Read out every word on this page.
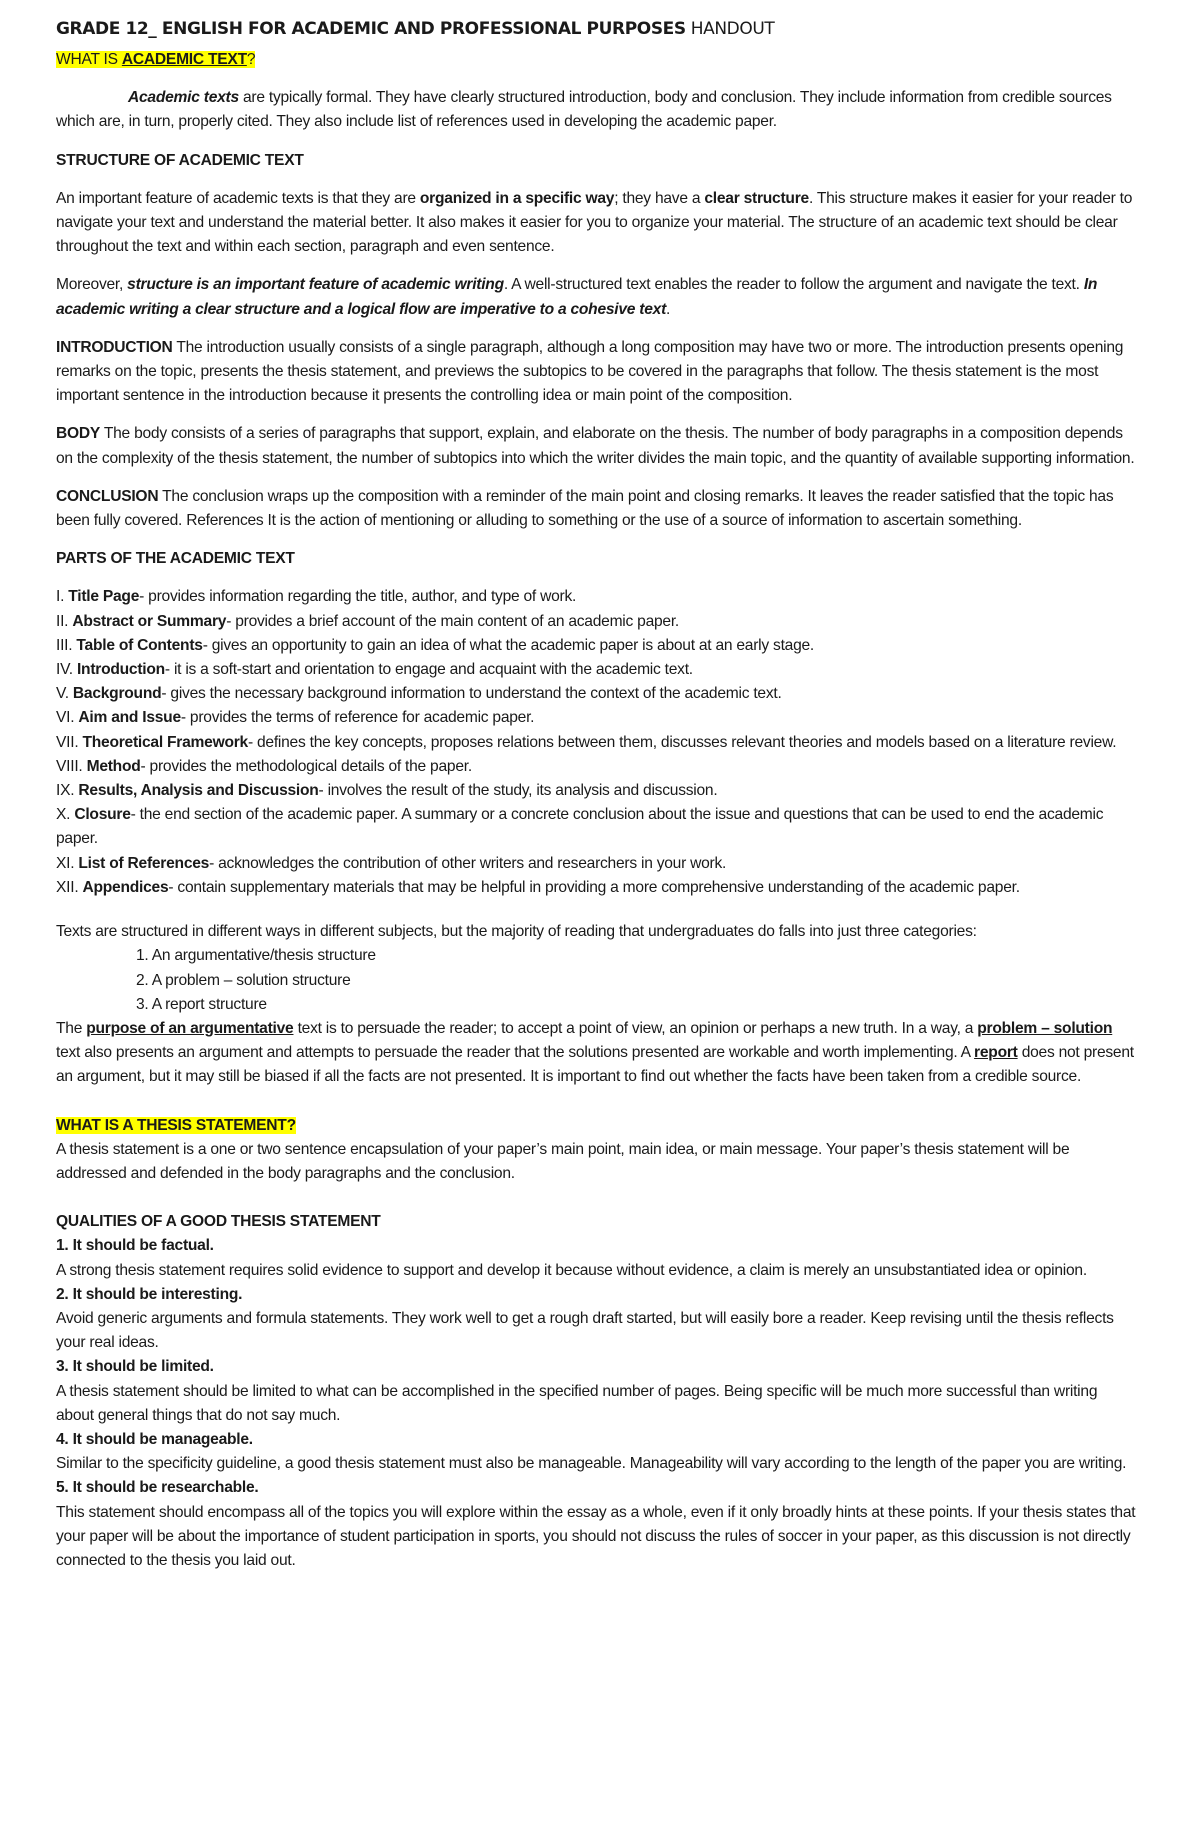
GRADE 12_ ENGLISH FOR ACADEMIC AND PROFESSIONAL PURPOSES HANDOUT
WHAT IS ACADEMIC TEXT?
Academic texts are typically formal. They have clearly structured introduction, body and conclusion. They include information from credible sources which are, in turn, properly cited. They also include list of references used in developing the academic paper.
STRUCTURE OF ACADEMIC TEXT
An important feature of academic texts is that they are organized in a specific way; they have a clear structure. This structure makes it easier for your reader to navigate your text and understand the material better. It also makes it easier for you to organize your material. The structure of an academic text should be clear throughout the text and within each section, paragraph and even sentence.
Moreover, structure is an important feature of academic writing. A well-structured text enables the reader to follow the argument and navigate the text. In academic writing a clear structure and a logical flow are imperative to a cohesive text.
INTRODUCTION The introduction usually consists of a single paragraph, although a long composition may have two or more. The introduction presents opening remarks on the topic, presents the thesis statement, and previews the subtopics to be covered in the paragraphs that follow. The thesis statement is the most important sentence in the introduction because it presents the controlling idea or main point of the composition.
BODY The body consists of a series of paragraphs that support, explain, and elaborate on the thesis. The number of body paragraphs in a composition depends on the complexity of the thesis statement, the number of subtopics into which the writer divides the main topic, and the quantity of available supporting information.
CONCLUSION The conclusion wraps up the composition with a reminder of the main point and closing remarks. It leaves the reader satisfied that the topic has been fully covered. References It is the action of mentioning or alluding to something or the use of a source of information to ascertain something.
PARTS OF THE ACADEMIC TEXT
I. Title Page- provides information regarding the title, author, and type of work.
II. Abstract or Summary- provides a brief account of the main content of an academic paper.
III. Table of Contents- gives an opportunity to gain an idea of what the academic paper is about at an early stage.
IV. Introduction- it is a soft-start and orientation to engage and acquaint with the academic text.
V. Background- gives the necessary background information to understand the context of the academic text.
VI. Aim and Issue- provides the terms of reference for academic paper.
VII. Theoretical Framework- defines the key concepts, proposes relations between them, discusses relevant theories and models based on a literature review.
VIII. Method- provides the methodological details of the paper.
IX. Results, Analysis and Discussion- involves the result of the study, its analysis and discussion.
X. Closure- the end section of the academic paper. A summary or a concrete conclusion about the issue and questions that can be used to end the academic paper.
XI. List of References- acknowledges the contribution of other writers and researchers in your work.
XII. Appendices- contain supplementary materials that may be helpful in providing a more comprehensive understanding of the academic paper.
Texts are structured in different ways in different subjects, but the majority of reading that undergraduates do falls into just three categories:
1. An argumentative/thesis structure
2. A problem – solution structure
3. A report structure
The purpose of an argumentative text is to persuade the reader; to accept a point of view, an opinion or perhaps a new truth. In a way, a problem – solution text also presents an argument and attempts to persuade the reader that the solutions presented are workable and worth implementing. A report does not present an argument, but it may still be biased if all the facts are not presented. It is important to find out whether the facts have been taken from a credible source.
WHAT IS A THESIS STATEMENT?
A thesis statement is a one or two sentence encapsulation of your paper’s main point, main idea, or main message. Your paper’s thesis statement will be addressed and defended in the body paragraphs and the conclusion.
QUALITIES OF A GOOD THESIS STATEMENT
1. It should be factual.
A strong thesis statement requires solid evidence to support and develop it because without evidence, a claim is merely an unsubstantiated idea or opinion.
2. It should be interesting.
Avoid generic arguments and formula statements. They work well to get a rough draft started, but will easily bore a reader. Keep revising until the thesis reflects your real ideas.
3. It should be limited.
A thesis statement should be limited to what can be accomplished in the specified number of pages. Being specific will be much more successful than writing about general things that do not say much.
4. It should be manageable.
Similar to the specificity guideline, a good thesis statement must also be manageable. Manageability will vary according to the length of the paper you are writing.
5. It should be researchable.
This statement should encompass all of the topics you will explore within the essay as a whole, even if it only broadly hints at these points. If your thesis states that your paper will be about the importance of student participation in sports, you should not discuss the rules of soccer in your paper, as this discussion is not directly connected to the thesis you laid out.
